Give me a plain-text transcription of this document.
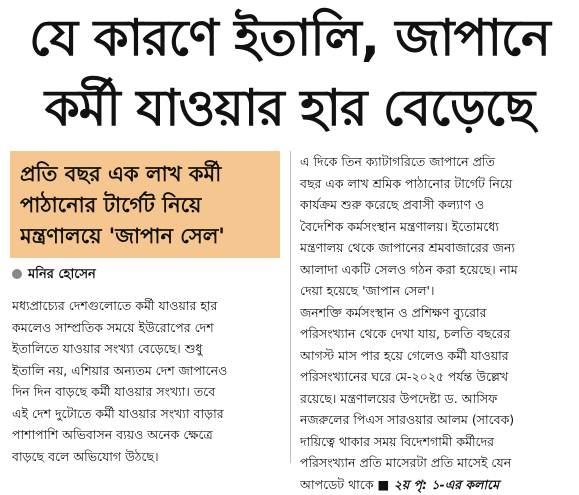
যে কারণে ইতালি, জাপানে
কর্মী যাওয়ার হার বেড়েছে
প্রতি বছর এক লাখ কর্মী
পাঠানোর টার্গেট নিয়ে
মন্ত্রণালয়ে 'জাপান সেল'
মনির হোসেন
মধ্যপ্রাচ্যের দেশগুলোতে কর্মী যাওয়ার হার
কমলেও সাম্প্রতিক সময়ে ইউরোপের দেশ
ইতালিতে যাওয়ার সংখ্যা বেড়েছে। শুধু
ইতালি নয়, এশিয়ার অন্যতম দেশ জাপানেও
দিন দিন বাড়ছে কর্মী যাওয়ার সংখ্যা। তবে
এই দেশ দুটোতে কর্মী যাওয়ার সংখ্যা বাড়ার
পাশাপাশি অভিবাসন ব্যয়ও অনেক ক্ষেত্রে
বাড়ছে বলে অভিযোগ উঠছে।
এ দিকে তিন ক্যাটাগরিতে জাপানে প্রতি
বছর এক লাখ শ্রমিক পাঠানোর টার্গেট নিয়ে
কার্যক্রম শুরু করেছে প্রবাসী কল্যাণ ও
বৈদেশিক কর্মসংস্থান মন্ত্রণালয়। ইতোমধ্যে
মন্ত্রণালয় থেকে জাপানের শ্রমবাজারের জন্য
আলাদা একটি সেলও গঠন করা হয়েছে। নাম
দেয়া হয়েছে 'জাপান সেল'।
জনশক্তি কর্মসংস্থান ও প্রশিক্ষণ ব্যুরোর
পরিসংখ্যান থেকে দেখা যায়, চলতি বছরের
আগস্ট মাস পার হয়ে গেলেও কর্মী যাওয়ার
পরিসংখ্যানের ঘরে মে-২০২৫ পর্যন্ত উল্লেখ
রয়েছে। মন্ত্রণালয়ের উপদেষ্টা ড. আসিফ
নজরুলের পিএস সারওয়ার আলম (সাবেক)
দায়িত্বে থাকার সময় বিদেশগামী কর্মীদের
পরিসংখ্যান প্রতি মাসেরটা প্রতি মাসেই যেন
আপডেট থাকে ■ ২য় পৃ: ১-এর কলামে
